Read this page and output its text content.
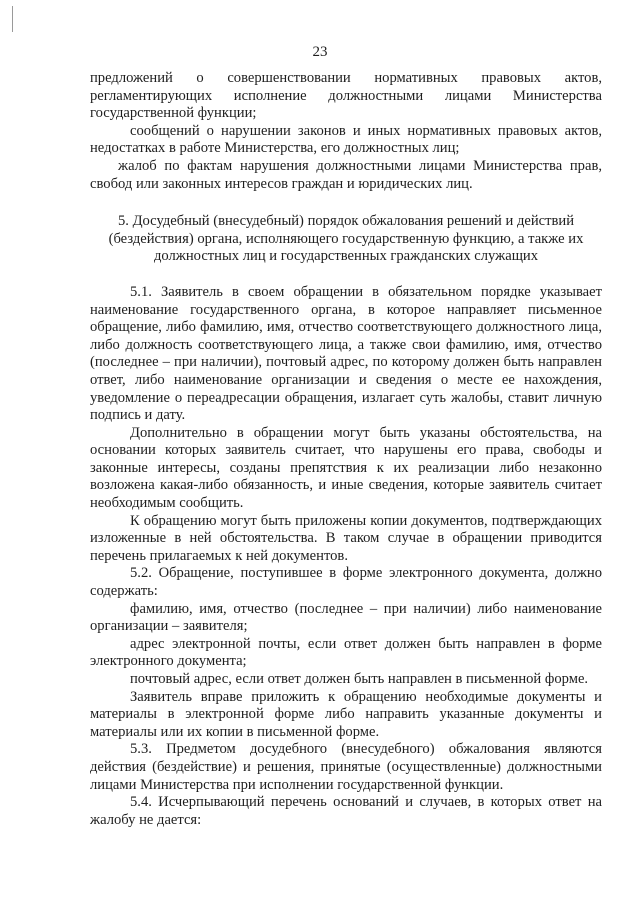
23

предложений о совершенствовании нормативных правовых актов, регламентирующих исполнение должностными лицами Министерства государственной функции;

сообщений о нарушении законов и иных нормативных правовых актов, недостатках в работе Министерства, его должностных лиц;

жалоб по фактам нарушения должностными лицами Министерства прав, свобод или законных интересов граждан и юридических лиц.

5. Досудебный (внесудебный) порядок обжалования решений и действий (бездействия) органа, исполняющего государственную функцию, а также их должностных лиц и государственных гражданских служащих

5.1. Заявитель в своем обращении в обязательном порядке указывает наименование государственного органа, в которое направляет письменное обращение, либо фамилию, имя, отчество соответствующего должностного лица, либо должность соответствующего лица, а также свои фамилию, имя, отчество (последнее – при наличии), почтовый адрес, по которому должен быть направлен ответ, либо наименование организации и сведения о месте ее нахождения, уведомление о переадресации обращения, излагает суть жалобы, ставит личную подпись и дату.

Дополнительно в обращении могут быть указаны обстоятельства, на основании которых заявитель считает, что нарушены его права, свободы и законные интересы, созданы препятствия к их реализации либо незаконно возложена какая-либо обязанность, и иные сведения, которые заявитель считает необходимым сообщить.

К обращению могут быть приложены копии документов, подтверждающих изложенные в ней обстоятельства. В таком случае в обращении приводится перечень прилагаемых к ней документов.

5.2. Обращение, поступившее в форме электронного документа, должно содержать:

фамилию, имя, отчество (последнее – при наличии) либо наименование организации – заявителя;

адрес электронной почты, если ответ должен быть направлен в форме электронного документа;

почтовый адрес, если ответ должен быть направлен в письменной форме.

Заявитель вправе приложить к обращению необходимые документы и материалы в электронной форме либо направить указанные документы и материалы или их копии в письменной форме.

5.3. Предметом досудебного (внесудебного) обжалования являются действия (бездействие) и решения, принятые (осуществленные) должностными лицами Министерства при исполнении государственной функции.

5.4. Исчерпывающий перечень оснований и случаев, в которых ответ на жалобу не дается:
